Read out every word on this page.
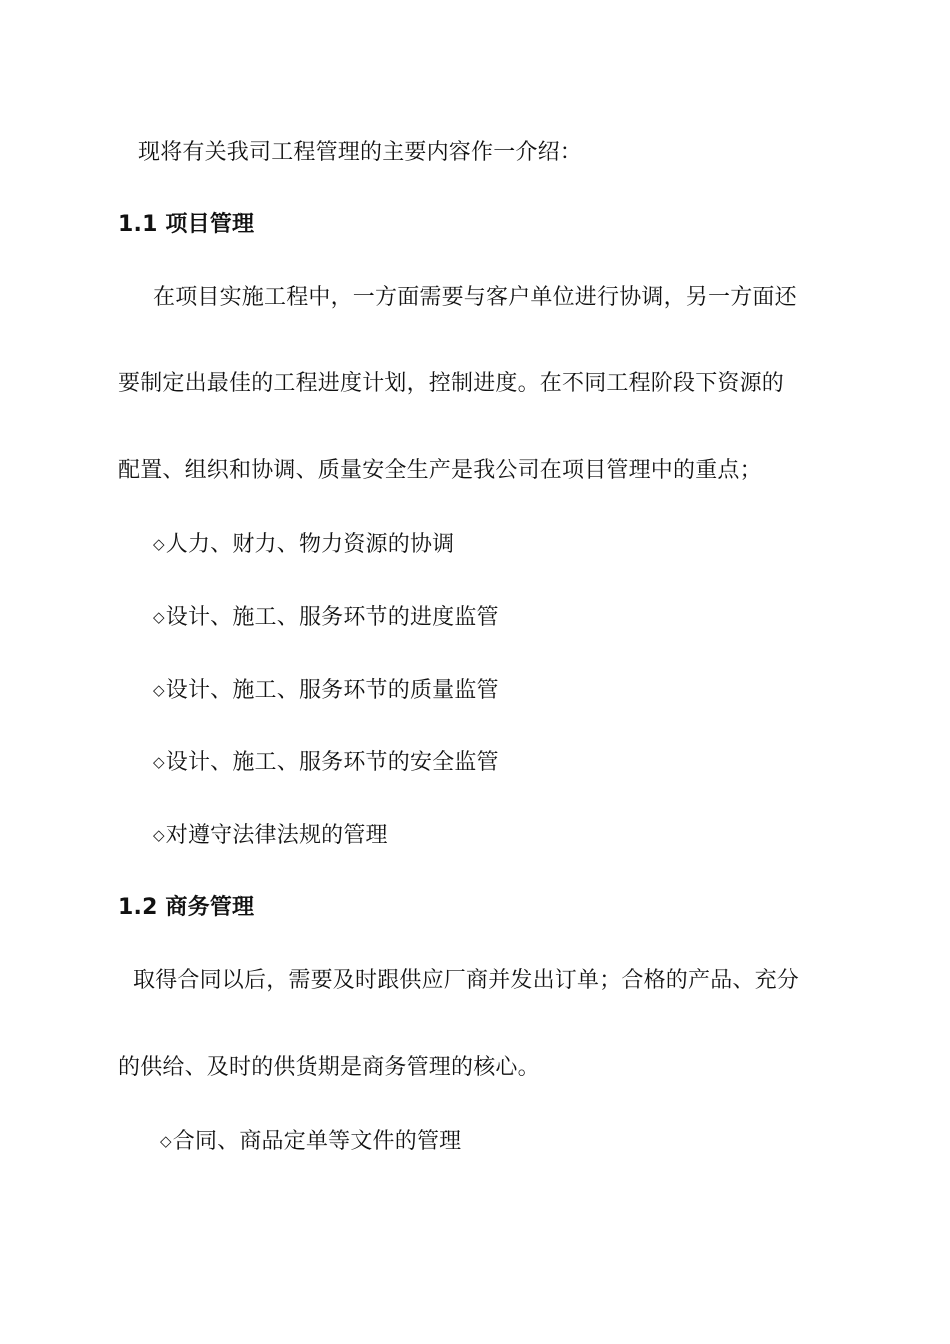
现将有关我司工程管理的主要内容作一介绍：
1.1 项目管理
在项目实施工程中，一方面需要与客户单位进行协调，另一方面还
要制定出最佳的工程进度计划，控制进度。在不同工程阶段下资源的
配置、组织和协调、质量安全生产是我公司在项目管理中的重点；
◇人力、财力、物力资源的协调
◇设计、施工、服务环节的进度监管
◇设计、施工、服务环节的质量监管
◇设计、施工、服务环节的安全监管
◇对遵守法律法规的管理
1.2 商务管理
取得合同以后，需要及时跟供应厂商并发出订单；合格的产品、充分
的供给、及时的供货期是商务管理的核心。
◇合同、商品定单等文件的管理
